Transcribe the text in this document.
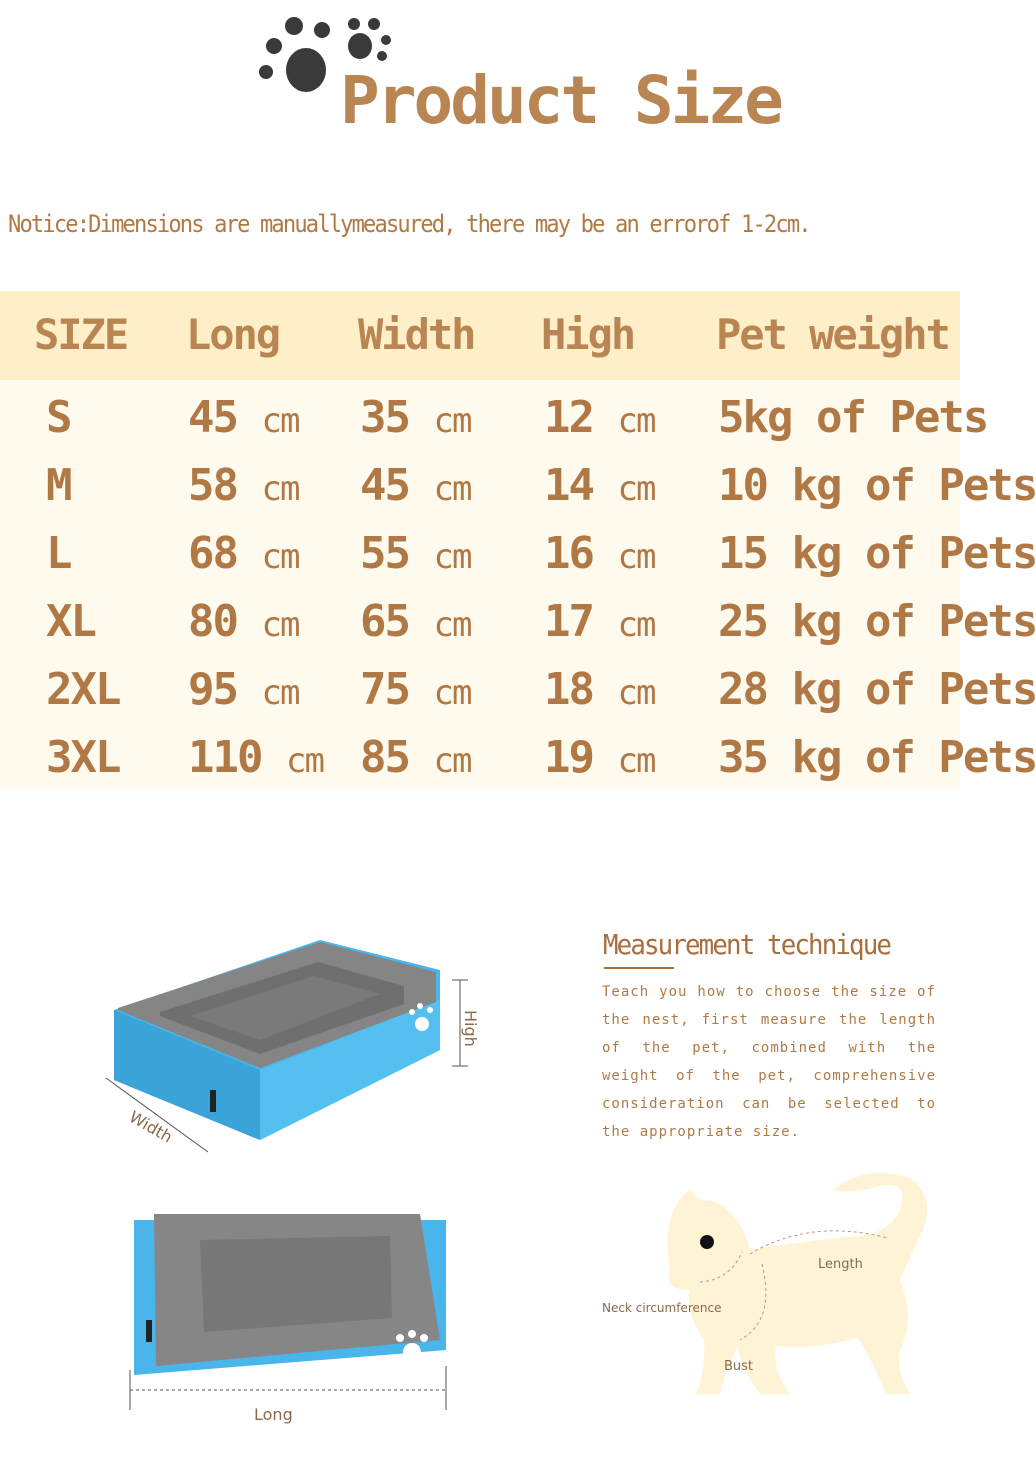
Product Size
Notice:Dimensions are manuallymeasured, there may be an errorof 1-2cm.
SIZE Long Width High Pet weight
S	45 cm 35 cm 12 cm 5kg of Pets
M	58 cm 45 cm 14 cm 10 kg of Pets
L	68 cm 55 cm 16 cm 15 kg of Pets
XL 80 cm 65 cm 17 cm 25 kg of Pets
2XL 95 cm 75 cm 18 cm 28 kg of Pets
3XL 110 cm 85 cm 19 cm 35 kg of Pets
High
Width
Long
Measurement technique
Teach you how to choose the size of the nest, first measure the length of the pet, combined with the weight of the pet, comprehensive consideration can be selected to the appropriate size.
Length
Neck circumference
Bust
